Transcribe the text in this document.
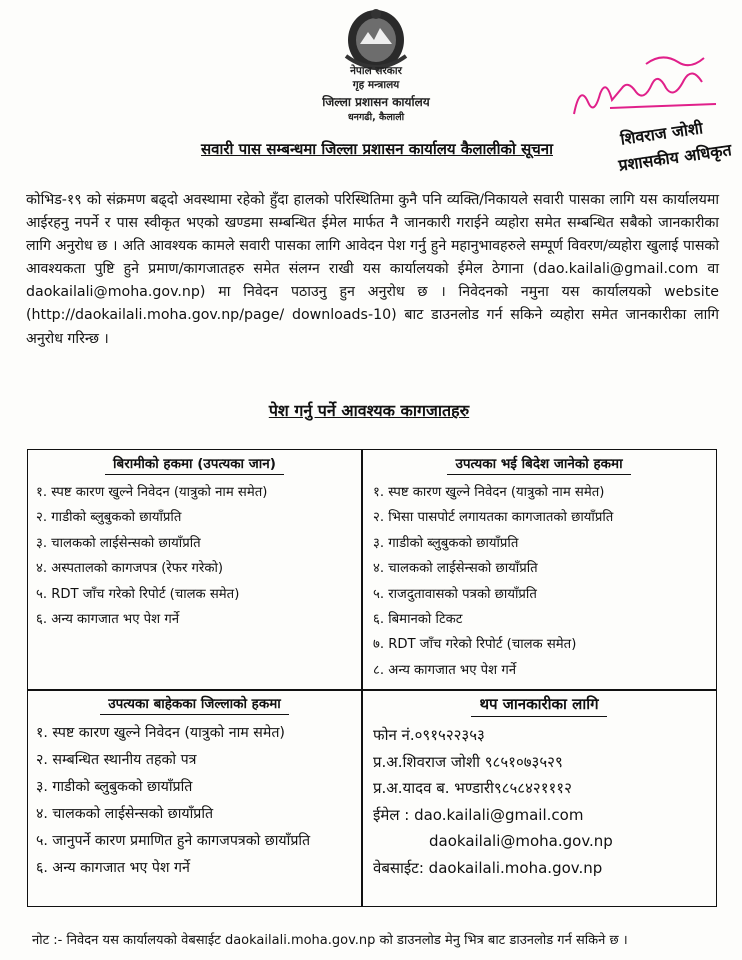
नेपाल सरकार
गृह मन्त्रालय
जिल्ला प्रशासन कार्यालय
धनगढी, कैलाली
शिवराज जोशी
प्रशासकीय अधिकृत
सवारी पास सम्बन्धमा जिल्ला प्रशासन कार्यालय कैलालीको सूचना
कोभिड-१९ को संक्रमण बढ्दो अवस्थामा रहेको हुँदा हालको परिस्थितिमा कुनै पनि व्यक्ति/निकायले सवारी पासका लागि यस कार्यालयमा आईरहनु नपर्ने र पास स्वीकृत भएको खण्डमा सम्बन्धित ईमेल मार्फत नै जानकारी गराईने व्यहोरा समेत सम्बन्धित सबैको जानकारीका लागि अनुरोध छ । अति आवश्यक कामले सवारी पासका लागि आवेदन पेश गर्नु हुने महानुभावहरुले सम्पूर्ण विवरण/व्यहोरा खुलाई पासको आवश्यकता पुष्टि हुने प्रमाण/कागजातहरु समेत संलग्न राखी यस कार्यालयको ईमेल ठेगाना (dao.kailali@gmail.com वा daokailali@moha.gov.np) मा निवेदन पठाउनु हुन अनुरोध छ । निवेदनको नमुना यस कार्यालयको website (http://daokailali.moha.gov.np/page/ downloads-10) बाट डाउनलोड गर्न सकिने व्यहोरा समेत जानकारीका लागि अनुरोध गरिन्छ ।
पेश गर्नु पर्ने आवश्यक कागजातहरु
बिरामीको हकमा (उपत्यका जान)
१. स्पष्ट कारण खुल्ने निवेदन (यात्रुको नाम समेत)
२. गाडीको ब्लुबुकको छायाँप्रति
३. चालकको लाईसेन्सको छायाँप्रति
४. अस्पतालको कागजपत्र (रेफर गरेको)
५. RDT जाँच गरेको रिपोर्ट (चालक समेत)
६. अन्य कागजात भए पेश गर्ने
उपत्यका भई बिदेश जानेको हकमा
१. स्पष्ट कारण खुल्ने निवेदन (यात्रुको नाम समेत)
२. भिसा पासपोर्ट लगायतका कागजातको छायाँप्रति
३. गाडीको ब्लुबुकको छायाँप्रति
४. चालकको लाईसेन्सको छायाँप्रति
५. राजदुतावासको पत्रको छायाँप्रति
६. बिमानको टिकट
७. RDT जाँच गरेको रिपोर्ट (चालक समेत)
८. अन्य कागजात भए पेश गर्ने
उपत्यका बाहेकका जिल्लाको हकमा
१. स्पष्ट कारण खुल्ने निवेदन (यात्रुको नाम समेत)
२. सम्बन्धित स्थानीय तहको पत्र
३. गाडीको ब्लुबुकको छायाँप्रति
४. चालकको लाईसेन्सको छायाँप्रति
५. जानुपर्ने कारण प्रमाणित हुने कागजपत्रको छायाँप्रति
६. अन्य कागजात भए पेश गर्ने
थप जानकारीका लागि
फोन नं.०९१५२२३५३
प्र.अ.शिवराज जोशी ९८५१०७३५२९
प्र.अ.यादव ब. भण्डारी९८५८४२१११२
ईमेल : dao.kailali@gmail.com
daokailali@moha.gov.np
वेबसाईट: daokailali.moha.gov.np
नोट :- निवेदन यस कार्यालयको वेबसाईट daokailali.moha.gov.np को डाउनलोड मेनु भित्र बाट डाउनलोड गर्न सकिने छ ।
